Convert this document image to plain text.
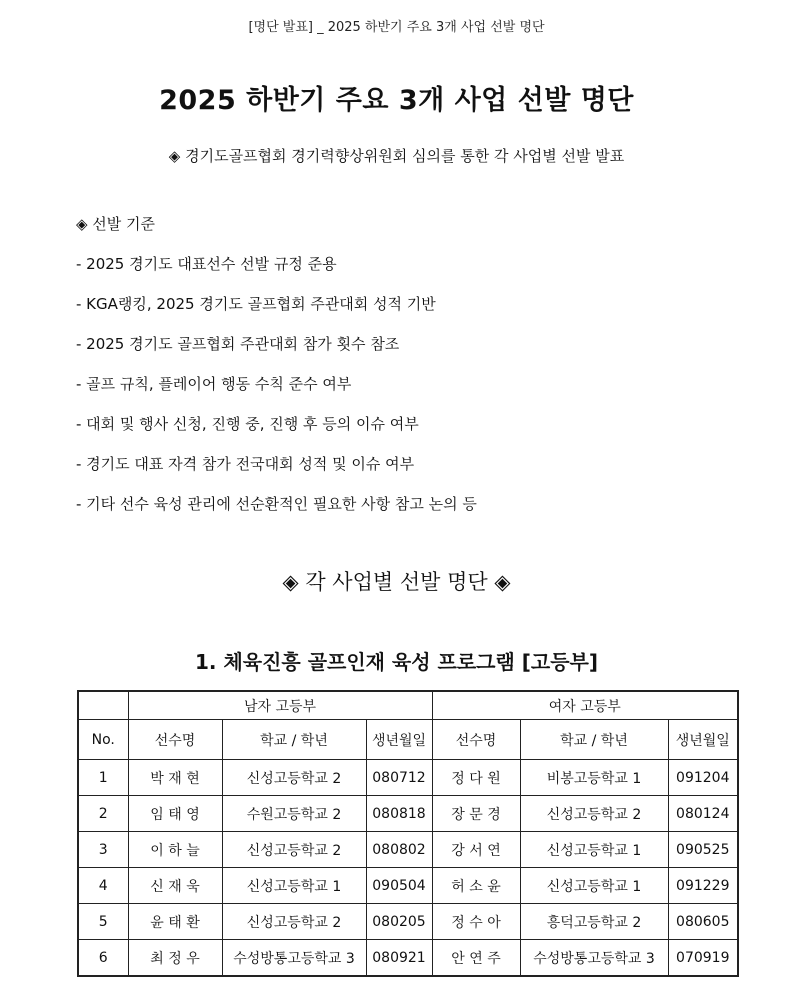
[명단 발표] _ 2025 하반기 주요 3개 사업 선발 명단
2025 하반기 주요 3개 사업 선발 명단
◈ 경기도골프협회 경기력향상위원회 심의를 통한 각 사업별 선발 발표
◈ 선발 기준
- 2025 경기도 대표선수 선발 규정 준용
- KGA랭킹, 2025 경기도 골프협회 주관대회 성적 기반
- 2025 경기도 골프협회 주관대회 참가 횟수 참조
- 골프 규칙, 플레이어 행동 수칙 준수 여부
- 대회 및 행사 신청, 진행 중, 진행 후 등의 이슈 여부
- 경기도 대표 자격 참가 전국대회 성적 및 이슈 여부
- 기타 선수 육성 관리에 선순환적인 필요한 사항 참고 논의 등
◈ 각 사업별 선발 명단 ◈
1. 체육진흥 골프인재 육성 프로그램 [고등부]
	남자 고등부			여자 고등부		
No.	선수명	학교 / 학년	생년월일	선수명	학교 / 학년	생년월일
1	박 재 현	신성고등학교 2	080712	정 다 원	비봉고등학교 1	091204
2	임 태 영	수원고등학교 2	080818	장 문 경	신성고등학교 2	080124
3	이 하 늘	신성고등학교 2	080802	강 서 연	신성고등학교 1	090525
4	신 재 욱	신성고등학교 1	090504	허 소 윤	신성고등학교 1	091229
5	윤 태 환	신성고등학교 2	080205	정 수 아	흥덕고등학교 2	080605
6	최 정 우	수성방통고등학교 3	080921	안 연 주	수성방통고등학교 3	070919
